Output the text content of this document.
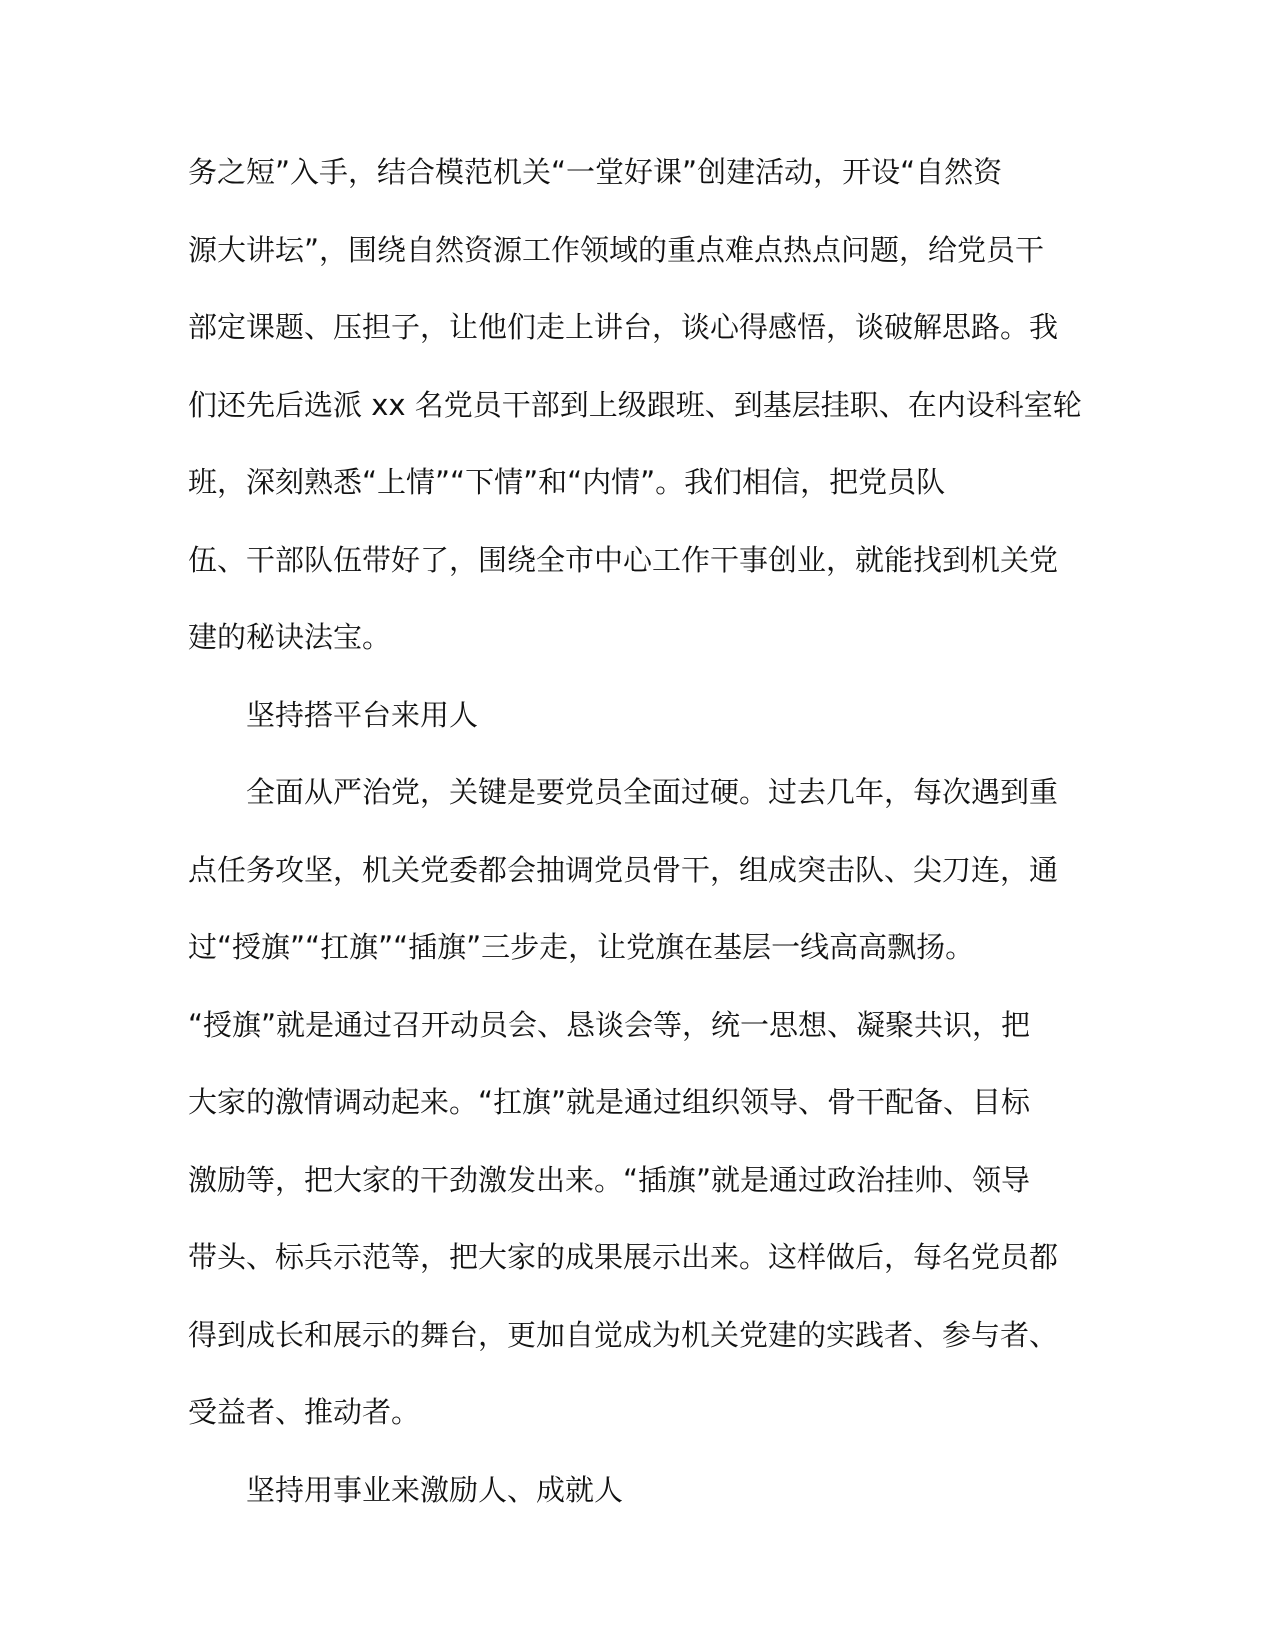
务之短”入手，结合模范机关“一堂好课”创建活动，开设“自然资
源大讲坛”，围绕自然资源工作领域的重点难点热点问题，给党员干
部定课题、压担子，让他们走上讲台，谈心得感悟，谈破解思路。我
们还先后选派 xx 名党员干部到上级跟班、到基层挂职、在内设科室轮
班，深刻熟悉“上情”“下情”和“内情”。我们相信，把党员队
伍、干部队伍带好了，围绕全市中心工作干事创业，就能找到机关党
建的秘诀法宝。
坚持搭平台来用人
全面从严治党，关键是要党员全面过硬。过去几年，每次遇到重
点任务攻坚，机关党委都会抽调党员骨干，组成突击队、尖刀连，通
过“授旗”“扛旗”“插旗”三步走，让党旗在基层一线高高飘扬。
“授旗”就是通过召开动员会、恳谈会等，统一思想、凝聚共识，把
大家的激情调动起来。“扛旗”就是通过组织领导、骨干配备、目标
激励等，把大家的干劲激发出来。“插旗”就是通过政治挂帅、领导
带头、标兵示范等，把大家的成果展示出来。这样做后，每名党员都
得到成长和展示的舞台，更加自觉成为机关党建的实践者、参与者、
受益者、推动者。
坚持用事业来激励人、成就人
